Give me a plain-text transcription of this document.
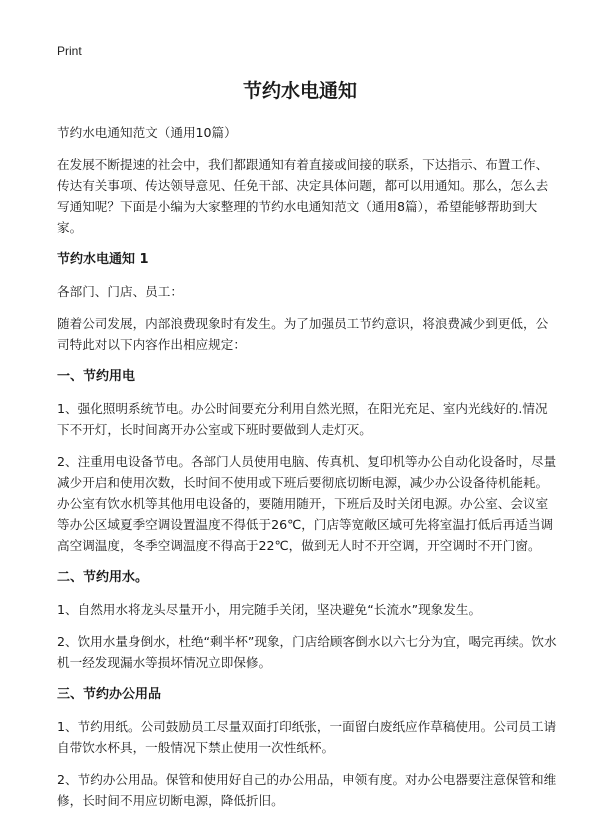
Print
节约水电通知

节约水电通知范文（通用10篇）

在发展不断提速的社会中，我们都跟通知有着直接或间接的联系，下达指示、布置工作、传达有关事项、传达领导意见、任免干部、决定具体问题，都可以用通知。那么，怎么去写通知呢？下面是小编为大家整理的节约水电通知范文（通用8篇），希望能够帮助到大家。

节约水电通知 1

各部门、门店、员工：

随着公司发展，内部浪费现象时有发生。为了加强员工节约意识，将浪费减少到更低，公司特此对以下内容作出相应规定：

一、节约用电

1、强化照明系统节电。办公时间要充分利用自然光照，在阳光充足、室内光线好的.情况下不开灯，长时间离开办公室或下班时要做到人走灯灭。

2、注重用电设备节电。各部门人员使用电脑、传真机、复印机等办公自动化设备时，尽量减少开启和使用次数，长时间不使用或下班后要彻底切断电源，减少办公设备待机能耗。办公室有饮水机等其他用电设备的，要随用随开，下班后及时关闭电源。办公室、会议室等办公区域夏季空调设置温度不得低于26℃，门店等宽敞区域可先将室温打低后再适当调高空调温度，冬季空调温度不得高于22℃，做到无人时不开空调，开空调时不开门窗。

二、节约用水。

1、自然用水将龙头尽量开小，用完随手关闭，坚决避免“长流水”现象发生。

2、饮用水量身倒水，杜绝“剩半杯”现象，门店给顾客倒水以六七分为宜，喝完再续。饮水机一经发现漏水等损坏情况立即保修。

三、节约办公用品

1、节约用纸。公司鼓励员工尽量双面打印纸张，一面留白废纸应作草稿使用。公司员工请自带饮水杯具，一般情况下禁止使用一次性纸杯。

2、节约办公用品。保管和使用好自己的办公用品，申领有度。对办公电器要注意保管和维修，长时间不用应切断电源，降低折旧。
